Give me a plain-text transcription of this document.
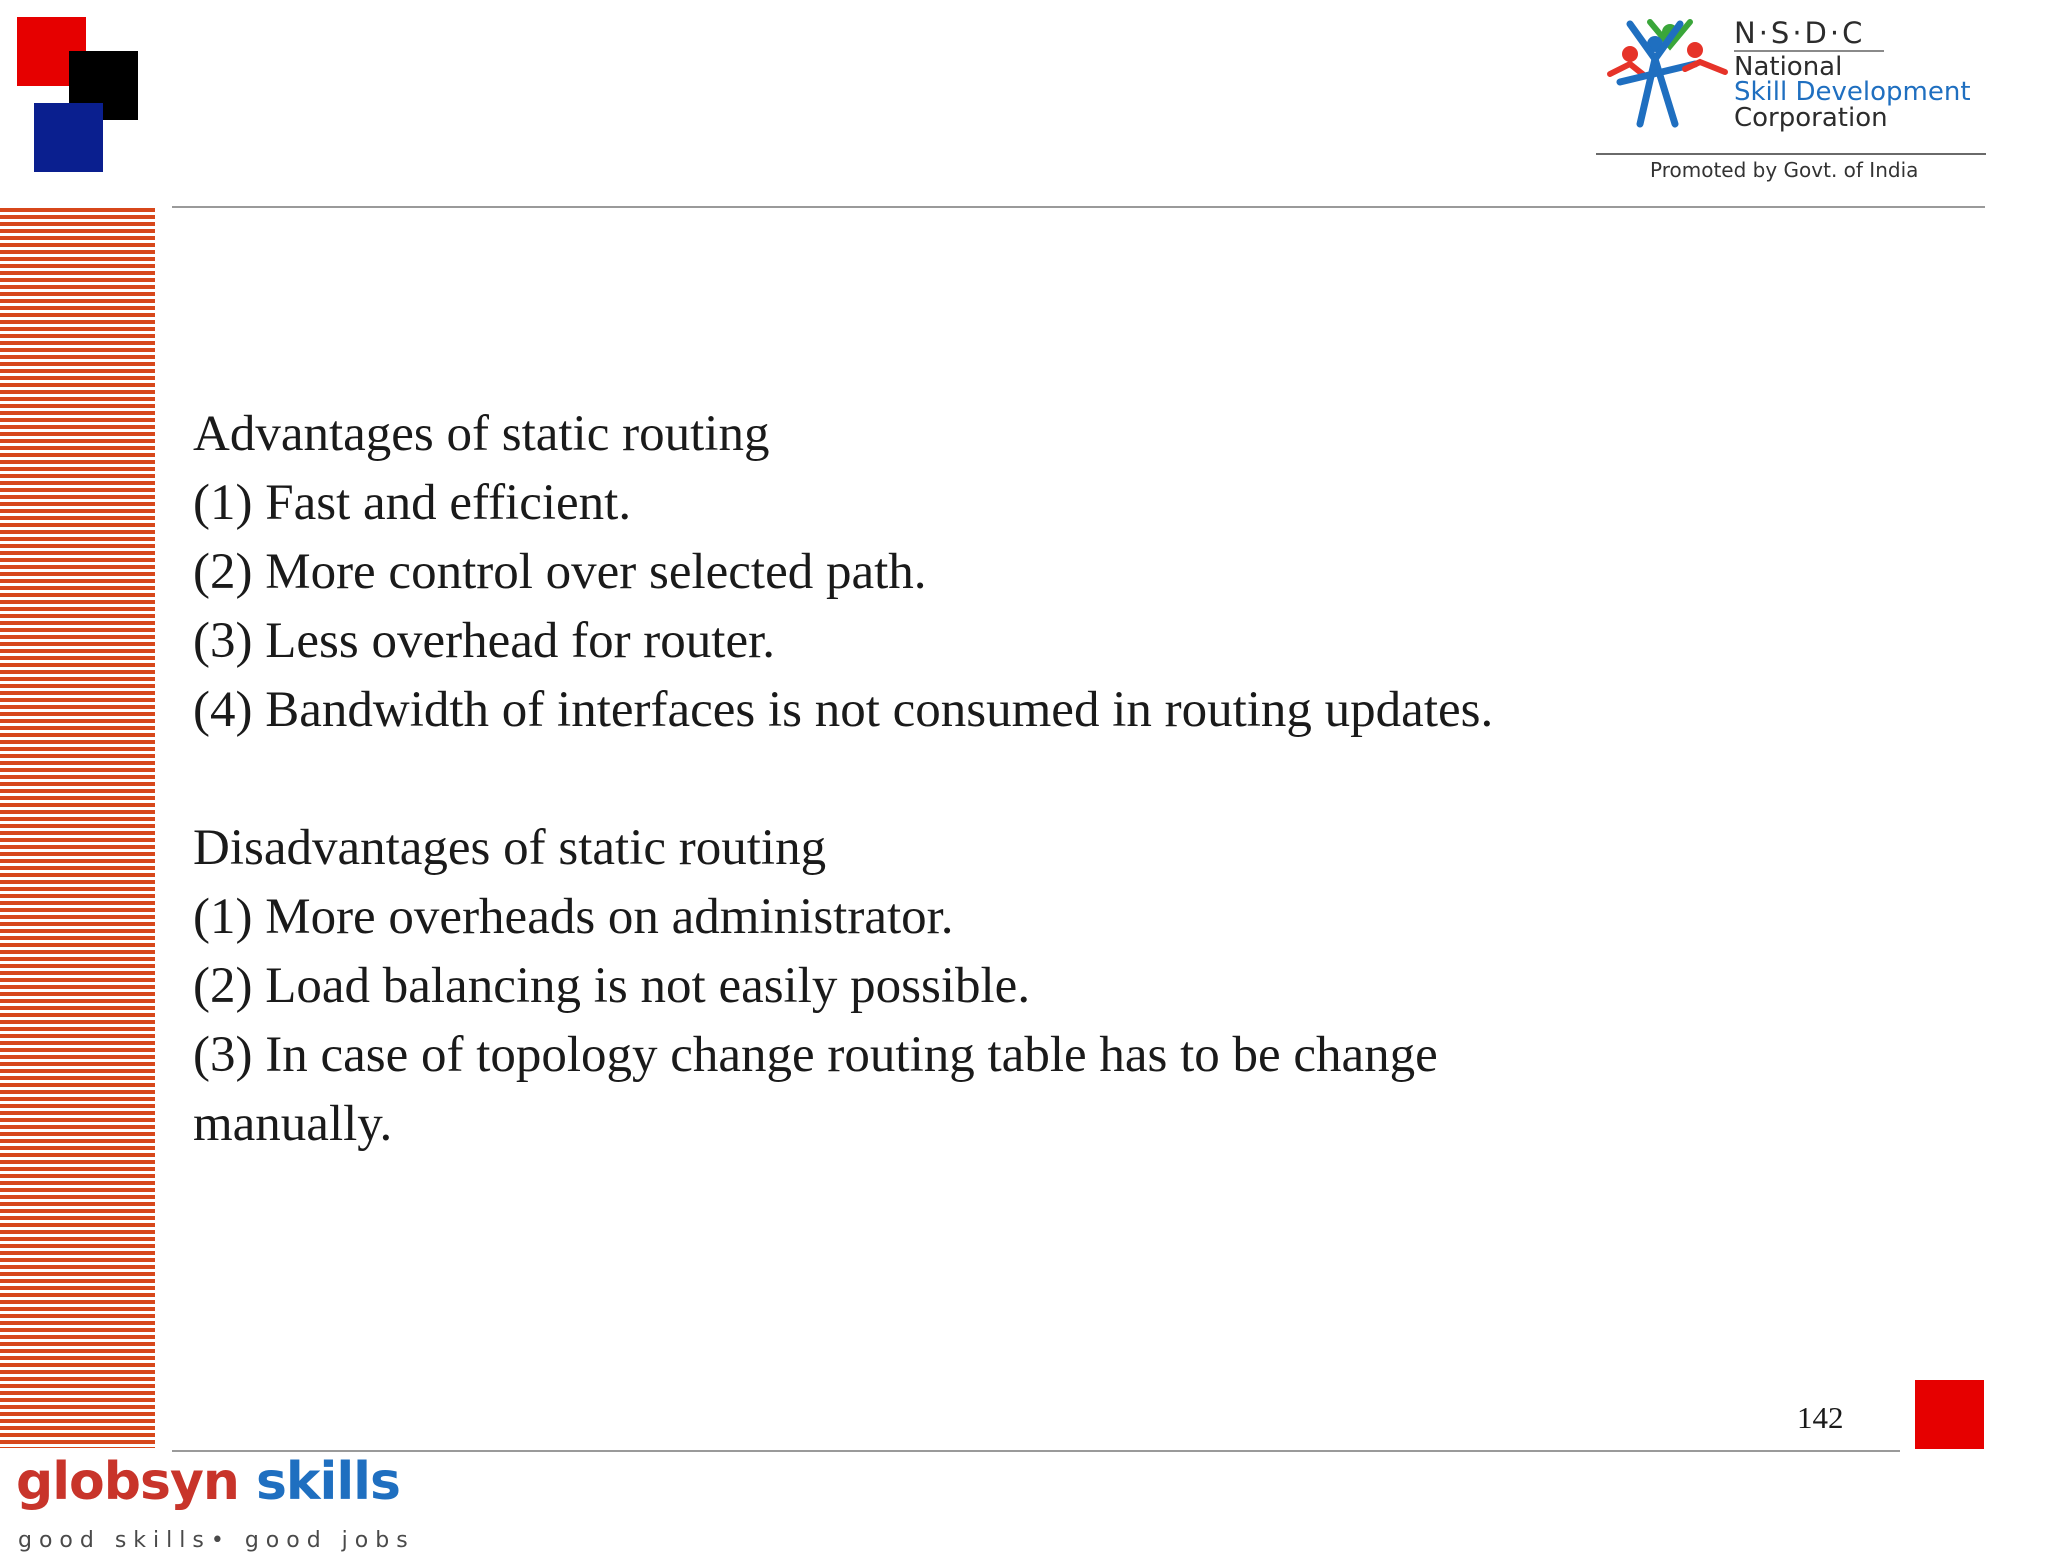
N·S·D·C
National
Skill Development
Corporation
Promoted by Govt. of India
Advantages of static routing
(1) Fast and efficient.
(2) More control over selected path.
(3) Less overhead for router.
(4) Bandwidth of interfaces is not consumed in routing updates.
Disadvantages of static routing
(1) More overheads on administrator.
(2) Load balancing is not easily possible.
(3) In case of topology change routing table has to be change
manually.
142
globsyn skills
good skills• good jobs
